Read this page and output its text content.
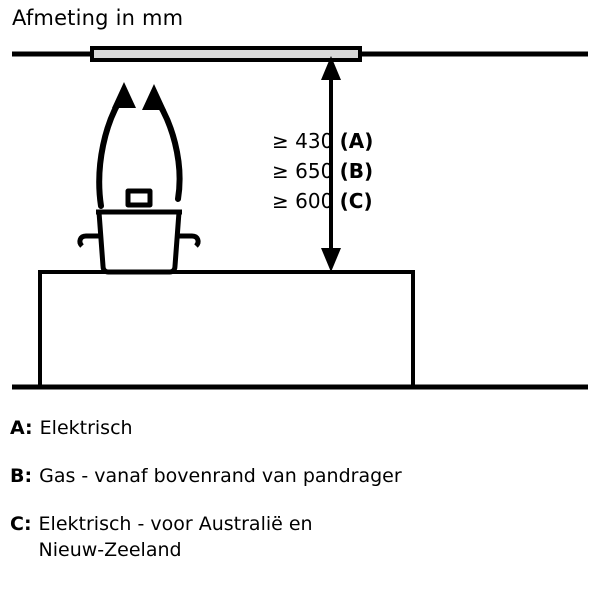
Afmeting in mm
≥ 430 (A)
≥ 650 (B)
≥ 600 (C)
A: Elektrisch
B: Gas - vanaf bovenrand van pandrager
C: Elektrisch - voor Australië en
Nieuw-Zeeland
